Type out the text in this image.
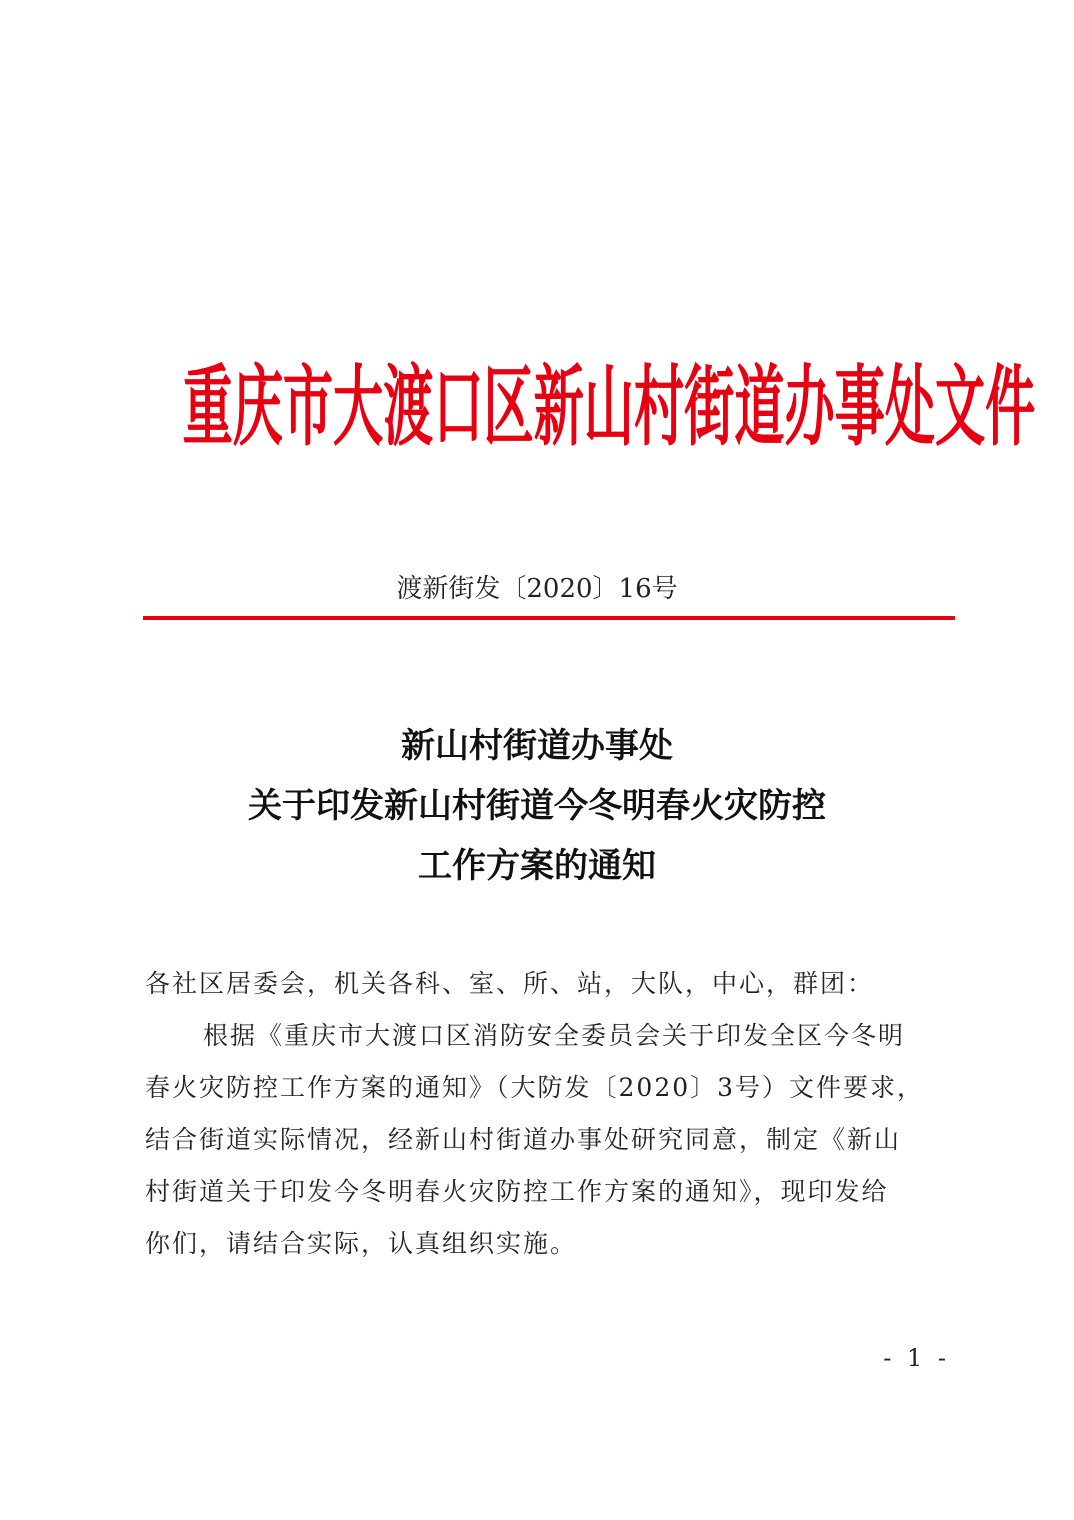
重庆市大渡口区新山村街道办事处文件
渡新街发〔2020〕16号
新山村街道办事处
关于印发新山村街道今冬明春火灾防控
工作方案的通知
各社区居委会，机关各科、室、所、站，大队，中心，群团：
根据《重庆市大渡口区消防安全委员会关于印发全区今冬明
春火灾防控工作方案的通知》（大防发〔2020〕3号）文件要求，
结合街道实际情况，经新山村街道办事处研究同意，制定《新山
村街道关于印发今冬明春火灾防控工作方案的通知》，现印发给
你们，请结合实际，认真组织实施。
- 1 -
